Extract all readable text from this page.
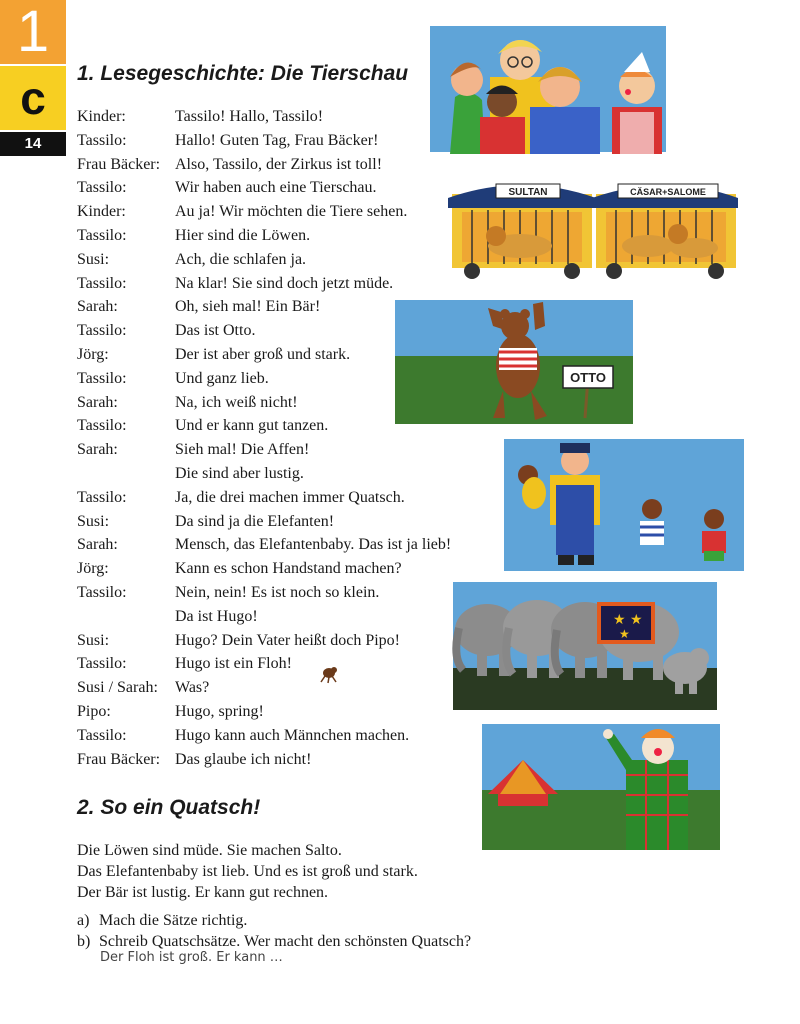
1
c
14
1. Lesegeschichte: Die Tierschau
Kinder:	Tassilo! Hallo, Tassilo!
Tassilo:	Hallo! Guten Tag, Frau Bäcker!
Frau Bäcker: Also, Tassilo, der Zirkus ist toll!
Tassilo:	Wir haben auch eine Tierschau.
Kinder:	Au ja! Wir möchten die Tiere sehen.
Tassilo:	Hier sind die Löwen.
Susi:	Ach, die schlafen ja.
Tassilo:	Na klar! Sie sind doch jetzt müde.
Sarah:	Oh, sieh mal! Ein Bär!
Tassilo:	Das ist Otto.
Jörg:	Der ist aber groß und stark.
Tassilo:	Und ganz lieb.
Sarah:	Na, ich weiß nicht!
Tassilo:	Und er kann gut tanzen.
Sarah:	Sieh mal! Die Affen!
Die sind aber lustig.
Tassilo:	Ja, die drei machen immer Quatsch.
Susi:	Da sind ja die Elefanten!
Sarah:	Mensch, das Elefantenbaby. Das ist ja lieb!
Jörg:	Kann es schon Handstand machen?
Tassilo:	Nein, nein! Es ist noch so klein.
Da ist Hugo!
Susi:	Hugo? Dein Vater heißt doch Pipo!
Tassilo:	Hugo ist ein Floh!
Susi / Sarah: Was?
Pipo:	Hugo, spring!
Tassilo:	Hugo kann auch Männchen machen.
Frau Bäcker: Das glaube ich nicht!
SULTAN	CÄSAR+SALOME
OTTO
★ ★
★
2. So ein Quatsch!
Die Löwen sind müde. Sie machen Salto.
Das Elefantenbaby ist lieb. Und es ist groß und stark.
Der Bär ist lustig. Er kann gut rechnen.
a) Mach die Sätze richtig.
b) Schreib Quatschsätze. Wer macht den schönsten Quatsch?
Der Floh ist groß. Er kann …
